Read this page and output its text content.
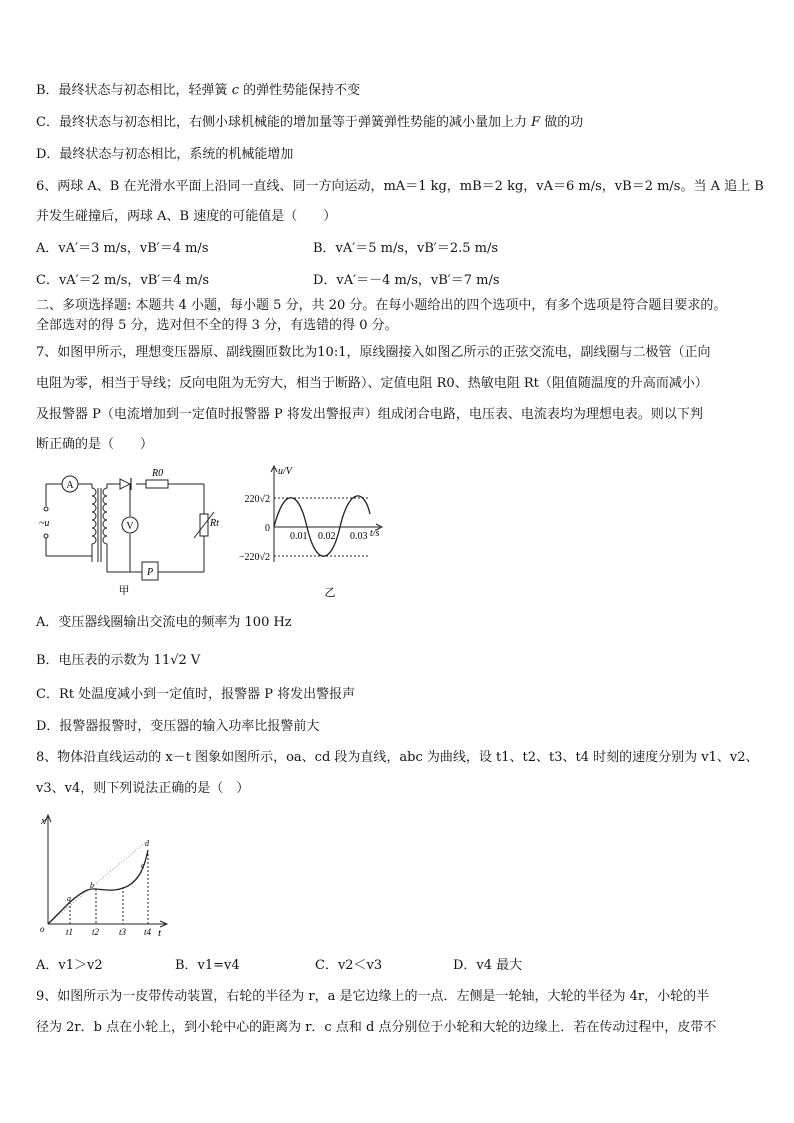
B．最终状态与初态相比，轻弹簧 c 的弹性势能保持不变
C．最终状态与初态相比，右侧小球机械能的增加量等于弹簧弹性势能的减小量加上力 F 做的功
D．最终状态与初态相比，系统的机械能增加
6、两球 A、B 在光滑水平面上沿同一直线、同一方向运动，mA＝1 kg，mB＝2 kg，vA＝6 m/s，vB＝2 m/s。当 A 追上 B
并发生碰撞后，两球 A、B 速度的可能值是（　　）
A．vA′＝3 m/s，vB′＝4 m/s	B．vA′＝5 m/s，vB′＝2.5 m/s
C．vA′＝2 m/s，vB′＝4 m/s	D．vA′＝－4 m/s，vB′＝7 m/s
二、多项选择题: 本题共 4 小题，每小题 5 分，共 20 分。在每小题给出的四个选项中，有多个选项是符合题目要求的。
全部选对的得 5 分，选对但不全的得 3 分，有选错的得 0 分。
7、如图甲所示，理想变压器原、副线圈匝数比为10:1，原线圈接入如图乙所示的正弦交流电，副线圈与二极管（正向
电阻为零，相当于导线；反向电阻为无穷大，相当于断路）、定值电阻 R0、热敏电阻 Rt（阻值随温度的升高而减小）
及报警器 P（电流增加到一定值时报警器 P 将发出警报声）组成闭合电路，电压表、电流表均为理想电表。则以下判
断正确的是（　　）
A
V
~u
R0
Rt
P
甲
u/V
t/s
220√2
0
−220√2
0.01 0.02 0.03
乙
A．变压器线圈输出交流电的频率为 100 Hz
B．电压表的示数为 11√2 V
C．Rt 处温度减小到一定值时，报警器 P 将发出警报声
D．报警器报警时，变压器的输入功率比报警前大
8、物体沿直线运动的 x－t 图象如图所示，oa、cd 段为直线，abc 为曲线，设 t1、t2、t3、t4 时刻的速度分别为 v1、v2、
v3、v4，则下列说法正确的是（　）
x
t
o
a
b
c
d
t1 t2 t3 t4
A．v1＞v2	B．v1=v4	C．v2＜v3	D．v4 最大
9、如图所示为一皮带传动装置，右轮的半径为 r，a 是它边缘上的一点．左侧是一轮轴，大轮的半径为 4r，小轮的半
径为 2r．b 点在小轮上，到小轮中心的距离为 r．c 点和 d 点分别位于小轮和大轮的边缘上．若在传动过程中，皮带不
